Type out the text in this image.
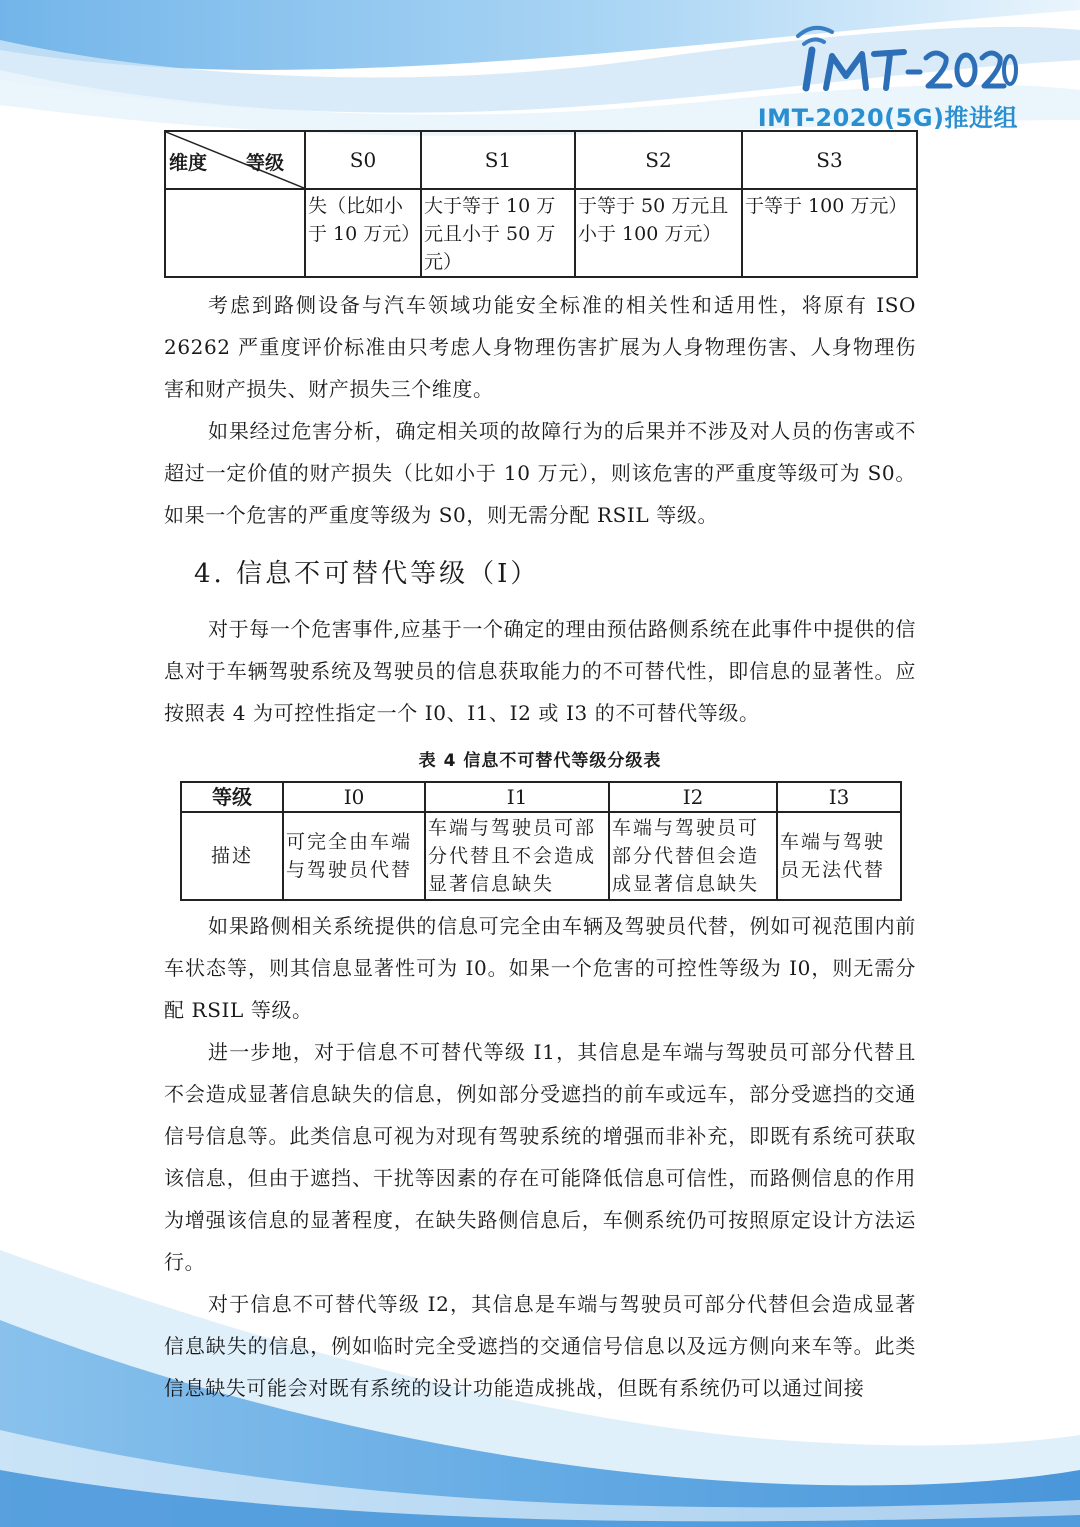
IMT-2020(5G)推进组
维度 等级	S0	S1	S2	S3
	失（比如小于 10 万元）	大于等于 10 万元且小于 50 万元）	于等于 50 万元且小于 100 万元）	于等于 100 万元）

考虑到路侧设备与汽车领域功能安全标准的相关性和适用性，将原有 ISO 26262 严重度评价标准由只考虑人身物理伤害扩展为人身物理伤害、人身物理伤害和财产损失、财产损失三个维度。

如果经过危害分析，确定相关项的故障行为的后果并不涉及对人员的伤害或不超过一定价值的财产损失（比如小于 10 万元），则该危害的严重度等级可为 S0。如果一个危害的严重度等级为 S0，则无需分配 RSIL 等级。

4. 信息不可替代等级（I）

对于每一个危害事件,应基于一个确定的理由预估路侧系统在此事件中提供的信息对于车辆驾驶系统及驾驶员的信息获取能力的不可替代性，即信息的显著性。应按照表 4 为可控性指定一个 I0、I1、I2 或 I3 的不可替代等级。

表 4 信息不可替代等级分级表
等级	I0	I1	I2	I3
描述	可完全由车端与驾驶员代替	车端与驾驶员可部分代替且不会造成显著信息缺失	车端与驾驶员可部分代替但会造成显著信息缺失	车端与驾驶员无法代替

如果路侧相关系统提供的信息可完全由车辆及驾驶员代替，例如可视范围内前车状态等，则其信息显著性可为 I0。如果一个危害的可控性等级为 I0，则无需分配 RSIL 等级。

进一步地，对于信息不可替代等级 I1，其信息是车端与驾驶员可部分代替且不会造成显著信息缺失的信息，例如部分受遮挡的前车或远车，部分受遮挡的交通信号信息等。此类信息可视为对现有驾驶系统的增强而非补充，即既有系统可获取该信息，但由于遮挡、干扰等因素的存在可能降低信息可信性，而路侧信息的作用为增强该信息的显著程度，在缺失路侧信息后，车侧系统仍可按照原定设计方法运行。

对于信息不可替代等级 I2，其信息是车端与驾驶员可部分代替但会造成显著信息缺失的信息，例如临时完全受遮挡的交通信号信息以及远方侧向来车等。此类信息缺失可能会对既有系统的设计功能造成挑战，但既有系统仍可以通过间接
